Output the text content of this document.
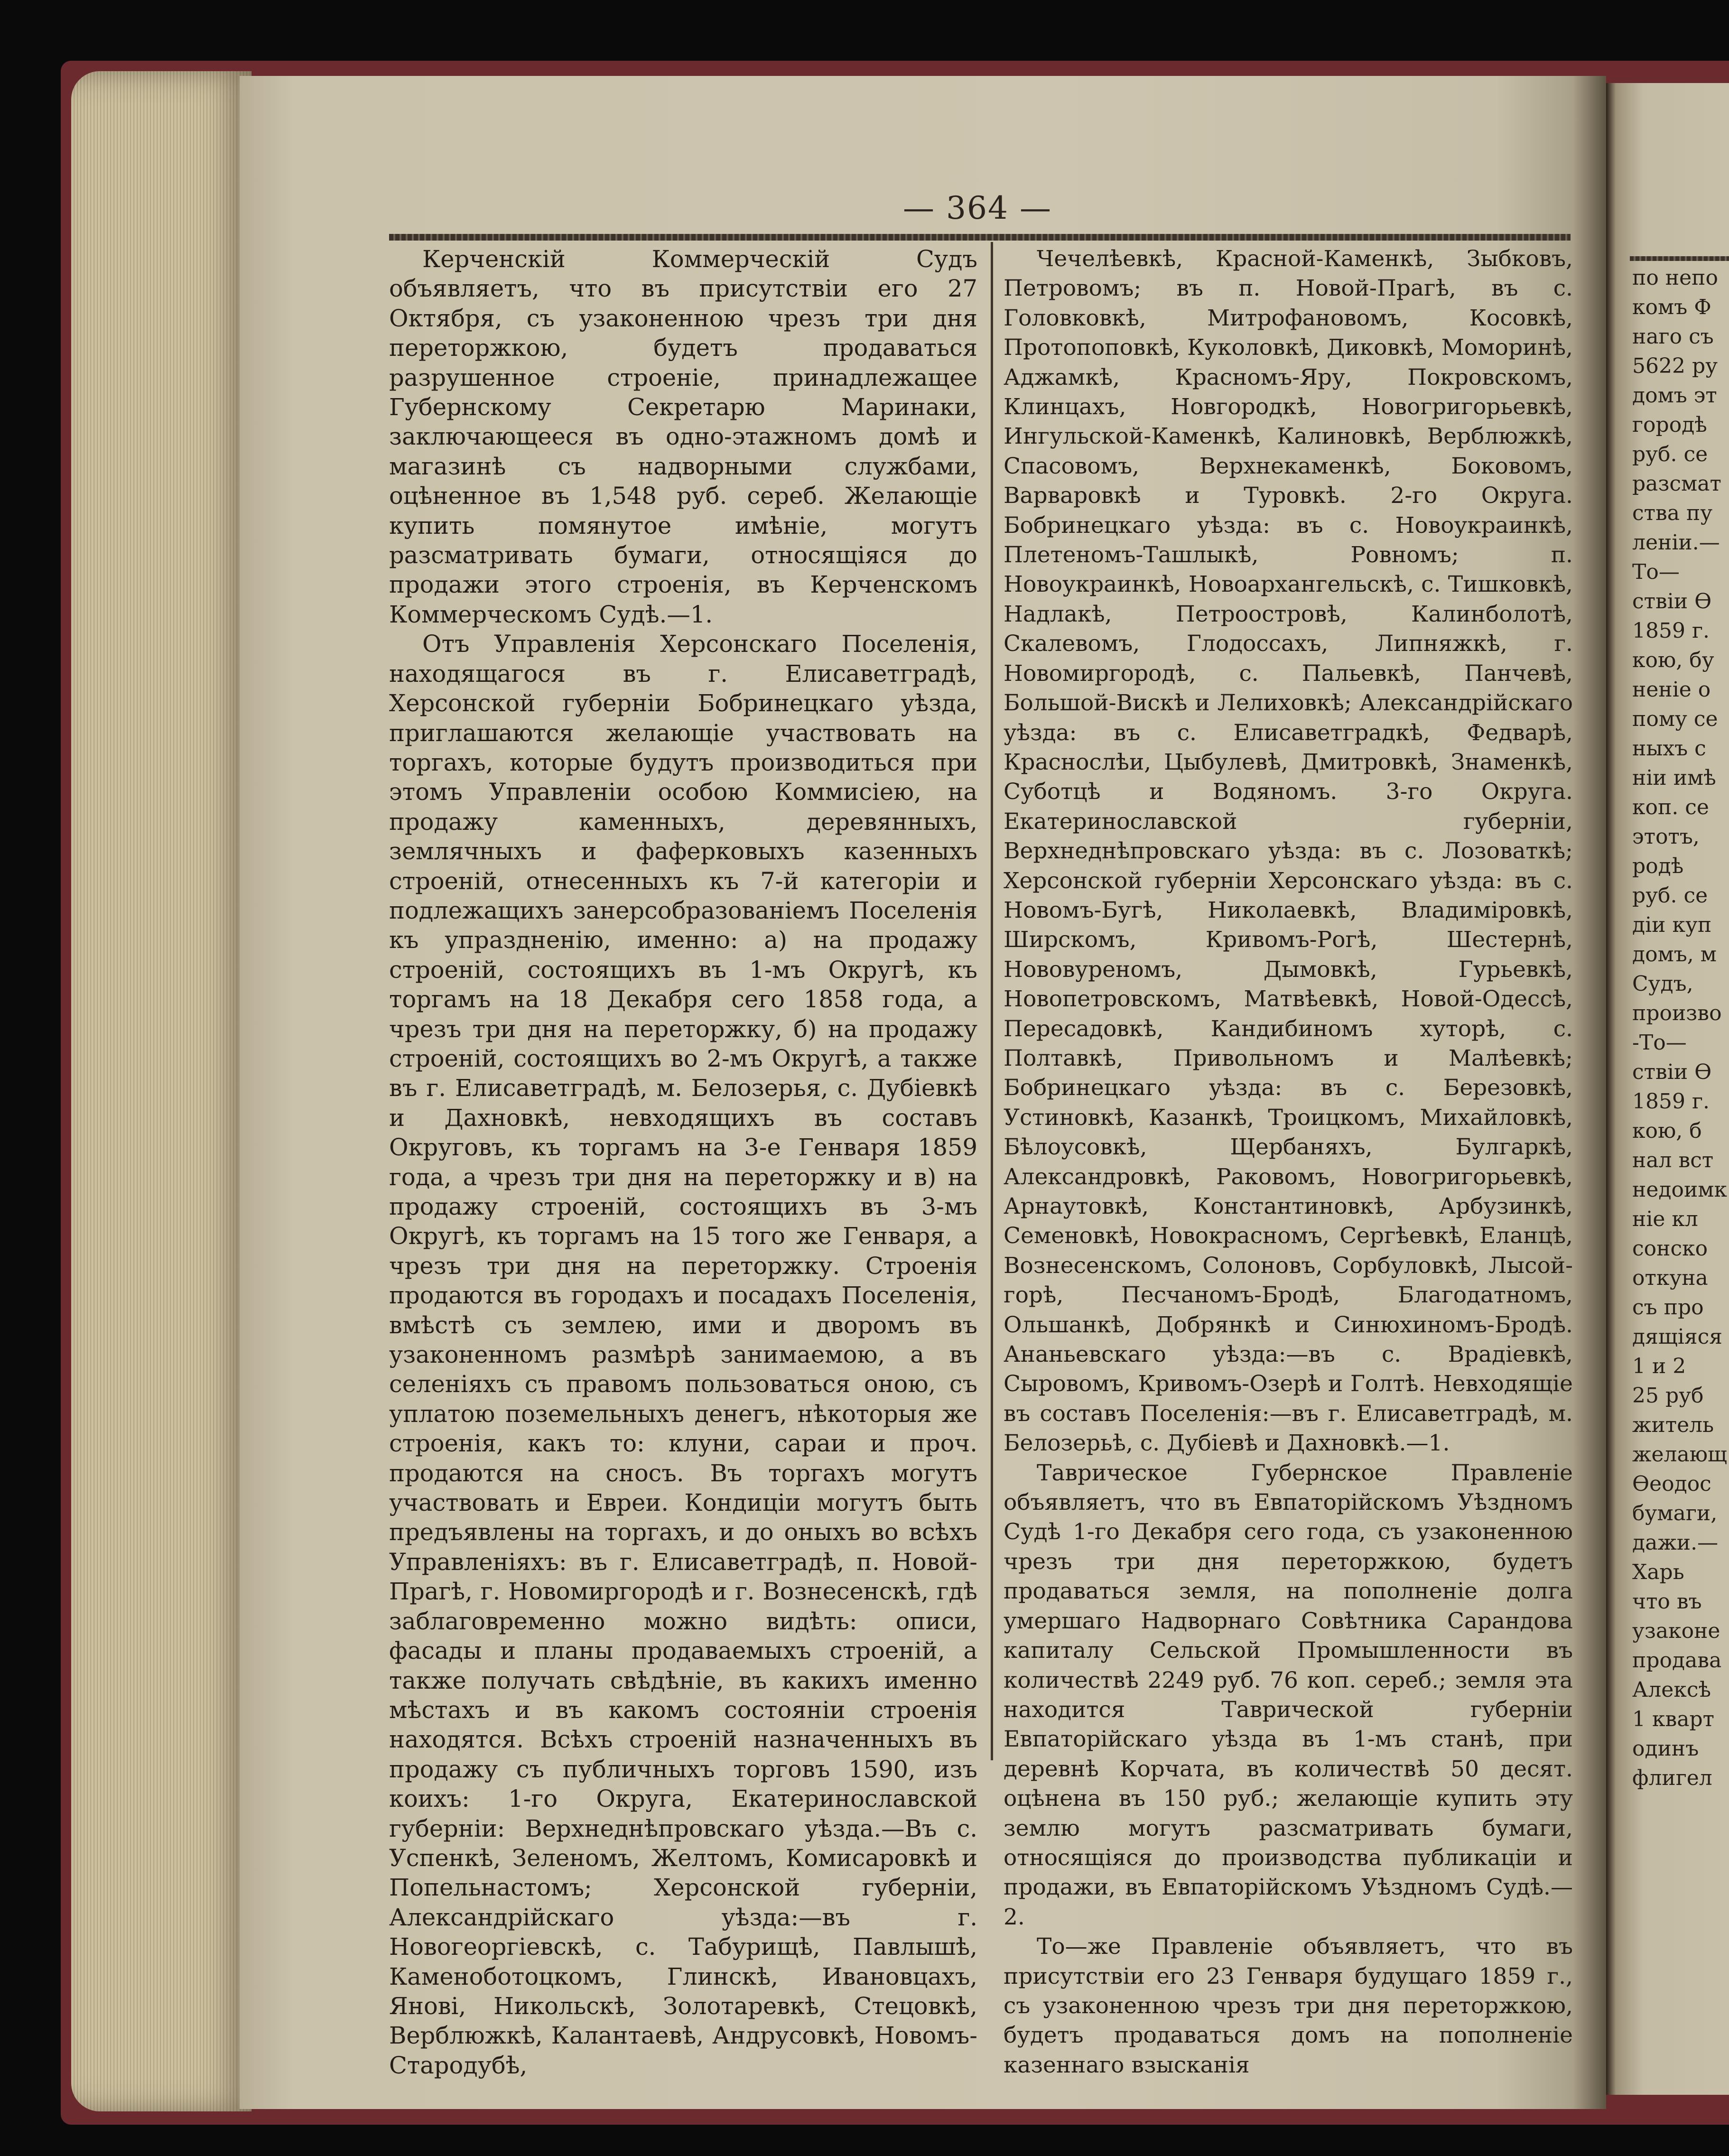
— 364 —

Керченскій Коммерческій Судъ объявляетъ, что въ присутствіи его 27 Октября, съ узаконенною чрезъ три дня переторжкою, будетъ продаваться разрушенное строеніе, принадлежащее Губернскому Секретарю Маринаки, заключающееся въ одно-этажномъ домѣ и магазинѣ съ надворными службами, оцѣненное въ 1,548 руб. сереб. Желающіе купить помянутое имѣніе, могутъ разсматривать бумаги, относящіяся до продажи этого строенія, въ Керченскомъ Коммерческомъ Судѣ.—1.

Отъ Управленія Херсонскаго Поселенія, находящагося въ г. Елисаветградѣ, Херсонской губерніи Бобринецкаго уѣзда, приглашаются желающіе участвовать на торгахъ, которые будутъ производиться при этомъ Управленіи особою Коммисіею, на продажу каменныхъ, деревянныхъ, землячныхъ и фаферковыхъ казенныхъ строеній, отнесенныхъ къ 7-й категоріи и подлежащихъ занерсобразованіемъ Поселенія къ упраздненію, именно: а) на продажу строеній, состоящихъ въ 1-мъ Округѣ, къ торгамъ на 18 Декабря сего 1858 года, а чрезъ три дня на переторжку, б) на продажу строеній, состоящихъ во 2-мъ Округѣ, а также въ г. Елисаветградѣ, м. Белозерья, с. Дубіевкѣ и Дахновкѣ, невходящихъ въ составъ Округовъ, къ торгамъ на 3-е Генваря 1859 года, а чрезъ три дня на переторжку и в) на продажу строеній, состоящихъ въ 3-мъ Округѣ, къ торгамъ на 15 того же Генваря, а чрезъ три дня на переторжку. Строенія продаются въ городахъ и посадахъ Поселенія, вмѣстѣ съ землею, ими и дворомъ въ узаконенномъ размѣрѣ занимаемою, а въ селеніяхъ съ правомъ пользоваться оною, съ уплатою поземельныхъ денегъ, нѣкоторыя же строенія, какъ то: клуни, сараи и проч. продаются на сносъ. Въ торгахъ могутъ участвовать и Евреи. Кондиціи могутъ быть предъявлены на торгахъ, и до оныхъ во всѣхъ Управленіяхъ: въ г. Елисаветградѣ, п. Новой-Прагѣ, г. Новомиргородѣ и г. Вознесенскѣ, гдѣ заблаговременно можно видѣть: описи, фасады и планы продаваемыхъ строеній, а также получать свѣдѣніе, въ какихъ именно мѣстахъ и въ какомъ состояніи строенія находятся. Всѣхъ строеній назначенныхъ въ продажу съ публичныхъ торговъ 1590, изъ коихъ: 1-го Округа, Екатеринославской губерніи: Верхнеднѣпровскаго уѣзда.—Въ с. Успенкѣ, Зеленомъ, Желтомъ, Комисаровкѣ и Попельнастомъ; Херсонской губерніи, Александрійскаго уѣзда:—въ г. Новогеоргіевскѣ, с. Табурищѣ, Павлышѣ, Каменоботоцкомъ, Глинскѣ, Ивановцахъ, Янові, Никольскѣ, Золотаревкѣ, Стецовкѣ, Верблюжкѣ, Калантаевѣ, Андрусовкѣ, Новомъ-Стародубѣ,

Чечелѣевкѣ, Красной-Каменкѣ, Зыбковъ, Петровомъ; въ п. Новой-Прагѣ, въ с. Головковкѣ, Митрофановомъ, Косовкѣ, Протопоповкѣ, Куколовкѣ, Диковкѣ, Моморинѣ, Аджамкѣ, Красномъ-Яру, Покровскомъ, Клинцахъ, Новгородкѣ, Новогригорьевкѣ, Ингульской-Каменкѣ, Калиновкѣ, Верблюжкѣ, Спасовомъ, Верхнекаменкѣ, Боковомъ, Варваровкѣ и Туровкѣ. 2-го Округа. Бобринецкаго уѣзда: въ с. Новоукраинкѣ, Плетеномъ-Ташлыкѣ, Ровномъ; п. Новоукраинкѣ, Новоархангельскѣ, с. Тишковкѣ, Надлакѣ, Петроостровѣ, Калинболотѣ, Скалевомъ, Глодоссахъ, Липняжкѣ, г. Новомиргородѣ, с. Пальевкѣ, Панчевѣ, Большой-Вискѣ и Лелиховкѣ; Александрійскаго уѣзда: въ с. Елисаветградкѣ, Федварѣ, Краснослѣи, Цыбулевѣ, Дмитровкѣ, Знаменкѣ, Суботцѣ и Водяномъ. 3-го Округа. Екатеринославской губерніи, Верхнеднѣпровскаго уѣзда: въ с. Лозоваткѣ; Херсонской губерніи Херсонскаго уѣзда: въ с. Новомъ-Бугѣ, Николаевкѣ, Владиміровкѣ, Ширскомъ, Кривомъ-Рогѣ, Шестернѣ, Нововуреномъ, Дымовкѣ, Гурьевкѣ, Новопетровскомъ, Матвѣевкѣ, Новой-Одессѣ, Пересадовкѣ, Кандибиномъ хуторѣ, с. Полтавкѣ, Привольномъ и Малѣевкѣ; Бобринецкаго уѣзда: въ с. Березовкѣ, Устиновкѣ, Казанкѣ, Троицкомъ, Михайловкѣ, Бѣлоусовкѣ, Щербаняхъ, Булгаркѣ, Александровкѣ, Раковомъ, Новогригорьевкѣ, Арнаутовкѣ, Константиновкѣ, Арбузинкѣ, Семеновкѣ, Новокрасномъ, Сергѣевкѣ, Еланцѣ, Вознесенскомъ, Солоновъ, Сорбуловкѣ, Лысой-горѣ, Песчаномъ-Бродѣ, Благодатномъ, Ольшанкѣ, Добрянкѣ и Синюхиномъ-Бродѣ. Ананьевскаго уѣзда:—въ с. Врадіевкѣ, Сыровомъ, Кривомъ-Озерѣ и Голтѣ. Невходящіе въ составъ Поселенія:—въ г. Елисаветградѣ, м. Белозерьѣ, с. Дубіевѣ и Дахновкѣ.—1.

Таврическое Губернское Правленіе объявляетъ, что въ Евпаторійскомъ Уѣздномъ Судѣ 1-го Декабря сего года, съ узаконенною чрезъ три дня переторжкою, будетъ продаваться земля, на пополненіе долга умершаго Надворнаго Совѣтника Сарандова капиталу Сельской Промышленности въ количествѣ 2249 руб. 76 коп. сереб.; земля эта находится Таврической губерніи Евпаторійскаго уѣзда въ 1-мъ станѣ, при деревнѣ Корчата, въ количествѣ 50 десят. оцѣнена въ 150 руб.; желающіе купить эту землю могутъ разсматривать бумаги, относящіяся до производства публикаціи и продажи, въ Евпаторійскомъ Уѣздномъ Судѣ.—2.

То—же Правленіе объявляетъ, что въ присутствіи его 23 Генваря будущаго 1859 г., съ узаконенною чрезъ три дня переторжкою, будетъ продаваться домъ на пополненіе казеннаго взысканія

по непо
комъ Ф
наго съ
5622 ру
домъ эт
городѣ
руб. се
разсмат
ства пу
леніи.—
То—
ствіи Ө
1859 г.
кою, бу
неніе о
пому се
ныхъ с
ніи имѣ
коп. се
этотъ,
родѣ
руб. се
діи куп
домъ, м
Судъ,
произво
-То—
ствіи Ө
1859 г.
кою, б
нал вст
недоимк
ніе кл
сонско
откуна
съ про
дящіяся
1 и 2
25 руб
житель
желающ
Өеодос
бумаги,
дажи.—
Харь
что въ
узаконе
продава
Алексѣ
1 кварт
одинъ
флигел
